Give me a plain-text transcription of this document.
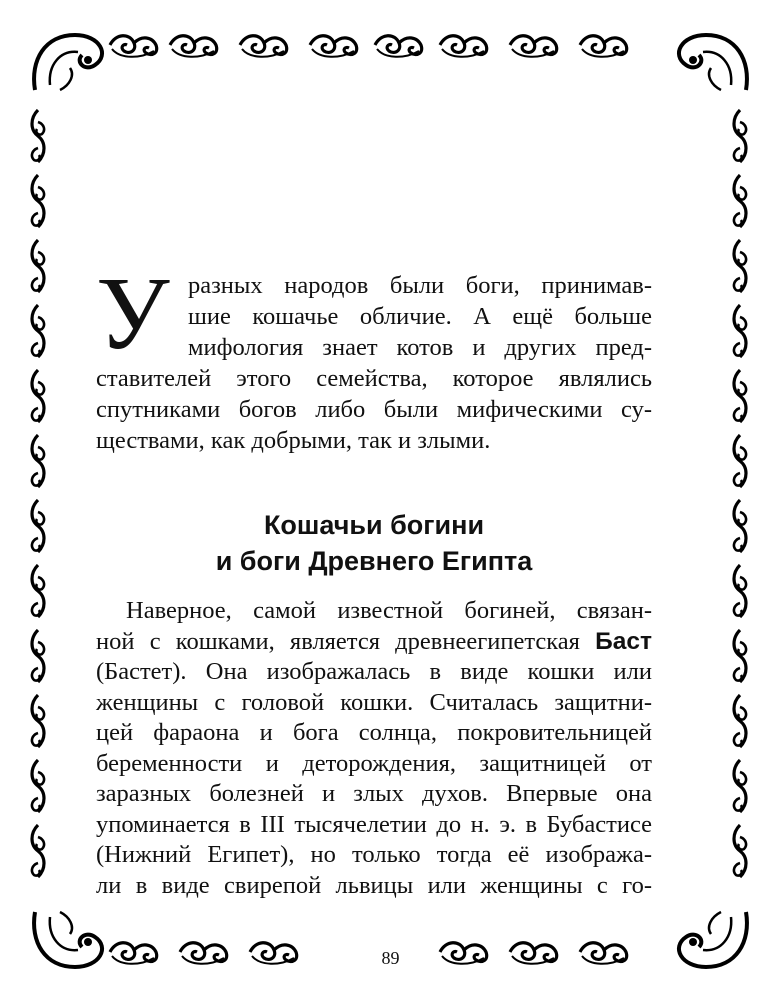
У разных народов были боги, принимав-
шие кошачье обличие. А ещё больше
мифология знает котов и других пред-
ставителей этого семейства, которое являлись
спутниками богов либо были мифическими су-
ществами, как добрыми, так и злыми.
Кошачьи богини
и боги Древнего Египта
Наверное, самой известной богиней, связан-
ной с кошками, является древнеегипетская Баст
(Бастет). Она изображалась в виде кошки или
женщины с головой кошки. Считалась защитни-
цей фараона и бога солнца, покровительницей
беременности и деторождения, защитницей от
заразных болезней и злых духов. Впервые она
упоминается в III тысячелетии до н. э. в Бубастисе
(Нижний Египет), но только тогда её изобража-
ли в виде свирепой львицы или женщины с го-
89
